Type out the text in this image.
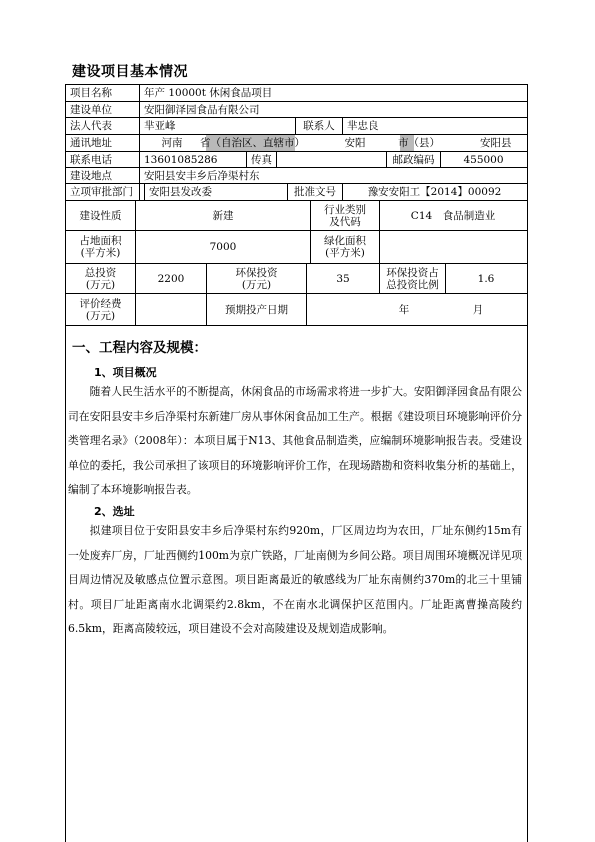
建设项目基本情况
项目名称	年产 10000t 休闲食品项目
建设单位	安阳御泽园食品有限公司
法人代表	芈亚峰	联系人	芈忠良
通讯地址	河南	省（自治区、直辖市）	安阳	市（县）	安阳县
联系电话	13601085286	传真	邮政编码	455000
建设地点	安阳县安丰乡后净渠村东
立项审批部门	安阳县发改委	批准文号	豫安安阳工【2014】00092
建设性质	新建	行业类别及代码	C14　食品制造业
占地面积(平方米)	7000	绿化面积(平方米)
总投资(万元)	2200	环保投资(万元)	35	环保投资占总投资比例	1.6
评价经费(万元)	预期投产日期	年	月
一、工程内容及规模：
1、项目概况

随着人民生活水平的不断提高，休闲食品的市场需求将进一步扩大。安阳御泽园食品有限公司在安阳县安丰乡后净渠村东新建厂房从事休闲食品加工生产。根据《建设项目环境影响评价分类管理名录》（2008年）：本项目属于N13、其他食品制造类，应编制环境影响报告表。受建设单位的委托，我公司承担了该项目的环境影响评价工作，在现场踏勘和资料收集分析的基础上，编制了本环境影响报告表。

2、选址

拟建项目位于安阳县安丰乡后净渠村东约920m，厂区周边均为农田，厂址东侧约15m有一处废弃厂房，厂址西侧约100m为京广铁路，厂址南侧为乡间公路。项目周围环境概况详见项目周边情况及敏感点位置示意图。项目距离最近的敏感线为厂址东南侧约370m的北三十里铺村。项目厂址距离南水北调渠约2.8km，不在南水北调保护区范围内。厂址距离曹操高陵约6.5km，距离高陵较远，项目建设不会对高陵建设及规划造成影响。
